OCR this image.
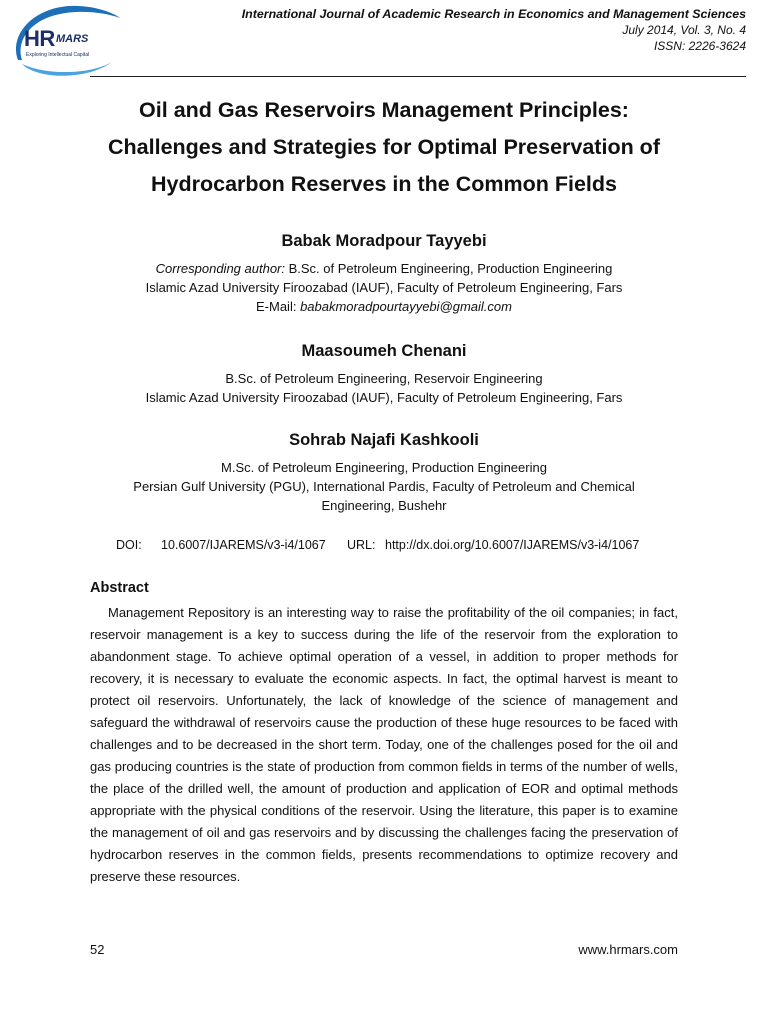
HR MARS
Exploring Intellectual Capital
International Journal of Academic Research in Economics and Management Sciences
July 2014, Vol. 3, No. 4
ISSN: 2226-3624
Oil and Gas Reservoirs Management Principles:
Challenges and Strategies for Optimal Preservation of
Hydrocarbon Reserves in the Common Fields
Babak Moradpour Tayyebi
Corresponding author: B.Sc. of Petroleum Engineering, Production Engineering
Islamic Azad University Firoozabad (IAUF), Faculty of Petroleum Engineering, Fars
E-Mail: babakmoradpourtayyebi@gmail.com
Maasoumeh Chenani
B.Sc. of Petroleum Engineering, Reservoir Engineering
Islamic Azad University Firoozabad (IAUF), Faculty of Petroleum Engineering, Fars
Sohrab Najafi Kashkooli
M.Sc. of Petroleum Engineering, Production Engineering
Persian Gulf University (PGU), International Pardis, Faculty of Petroleum and Chemical
Engineering, Bushehr
DOI: 10.6007/IJAREMS/v3-i4/1067 URL: http://dx.doi.org/10.6007/IJAREMS/v3-i4/1067
Abstract
Management Repository is an interesting way to raise the profitability of the oil companies; in fact, reservoir management is a key to success during the life of the reservoir from the exploration to abandonment stage. To achieve optimal operation of a vessel, in addition to proper methods for recovery, it is necessary to evaluate the economic aspects. In fact, the optimal harvest is meant to protect oil reservoirs. Unfortunately, the lack of knowledge of the science of management and safeguard the withdrawal of reservoirs cause the production of these huge resources to be faced with challenges and to be decreased in the short term. Today, one of the challenges posed for the oil and gas producing countries is the state of production from common fields in terms of the number of wells, the place of the drilled well, the amount of production and application of EOR and optimal methods appropriate with the physical conditions of the reservoir. Using the literature, this paper is to examine the management of oil and gas reservoirs and by discussing the challenges facing the preservation of hydrocarbon reserves in the common fields, presents recommendations to optimize recovery and preserve these resources.
52	www.hrmars.com
